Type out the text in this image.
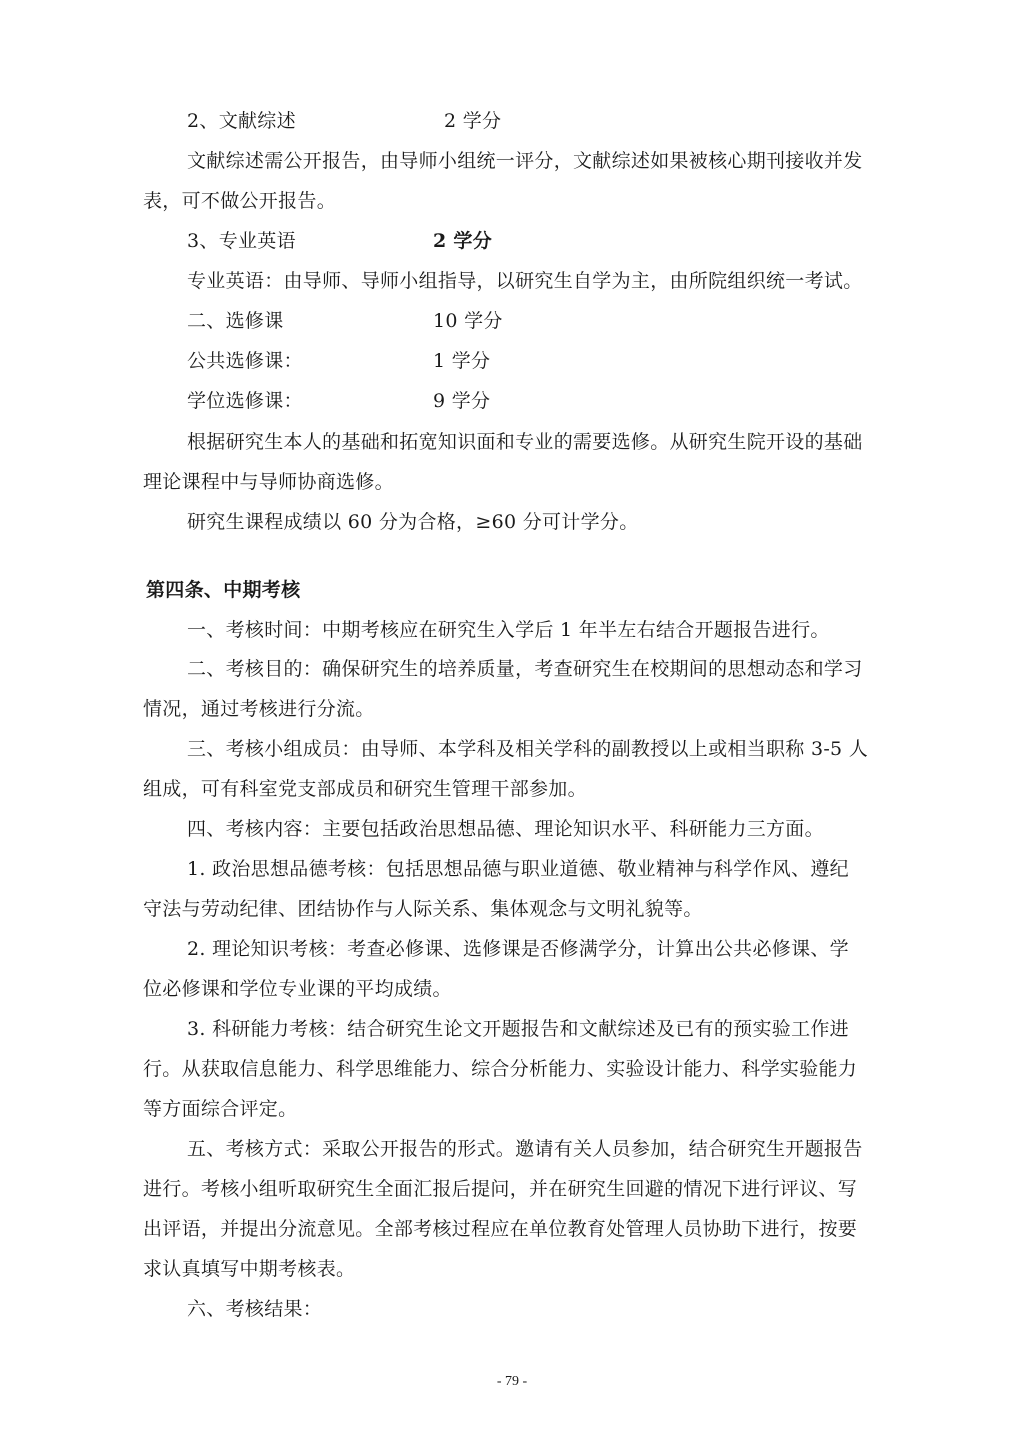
2、文献综述	2 学分

文献综述需公开报告，由导师小组统一评分，文献综述如果被核心期刊接收并发

表，可不做公开报告。

3、专业英语	2 学分

专业英语：由导师、导师小组指导，以研究生自学为主，由所院组织统一考试。

二、选修课	10 学分

公共选修课：	1 学分

学位选修课：	9 学分

根据研究生本人的基础和拓宽知识面和专业的需要选修。从研究生院开设的基础

理论课程中与导师协商选修。

研究生课程成绩以 60 分为合格，≥60 分可计学分。

第四条、中期考核

一、考核时间：中期考核应在研究生入学后 1 年半左右结合开题报告进行。

二、考核目的：确保研究生的培养质量，考查研究生在校期间的思想动态和学习

情况，通过考核进行分流。

三、考核小组成员：由导师、本学科及相关学科的副教授以上或相当职称 3-5 人

组成，可有科室党支部成员和研究生管理干部参加。

四、考核内容：主要包括政治思想品德、理论知识水平、科研能力三方面。

1. 政治思想品德考核：包括思想品德与职业道德、敬业精神与科学作风、遵纪

守法与劳动纪律、团结协作与人际关系、集体观念与文明礼貌等。

2. 理论知识考核：考查必修课、选修课是否修满学分，计算出公共必修课、学

位必修课和学位专业课的平均成绩。

3. 科研能力考核：结合研究生论文开题报告和文献综述及已有的预实验工作进

行。从获取信息能力、科学思维能力、综合分析能力、实验设计能力、科学实验能力

等方面综合评定。

五、考核方式：采取公开报告的形式。邀请有关人员参加，结合研究生开题报告

进行。考核小组听取研究生全面汇报后提问，并在研究生回避的情况下进行评议、写

出评语，并提出分流意见。全部考核过程应在单位教育处管理人员协助下进行，按要

求认真填写中期考核表。

六、考核结果：

- 79 -
